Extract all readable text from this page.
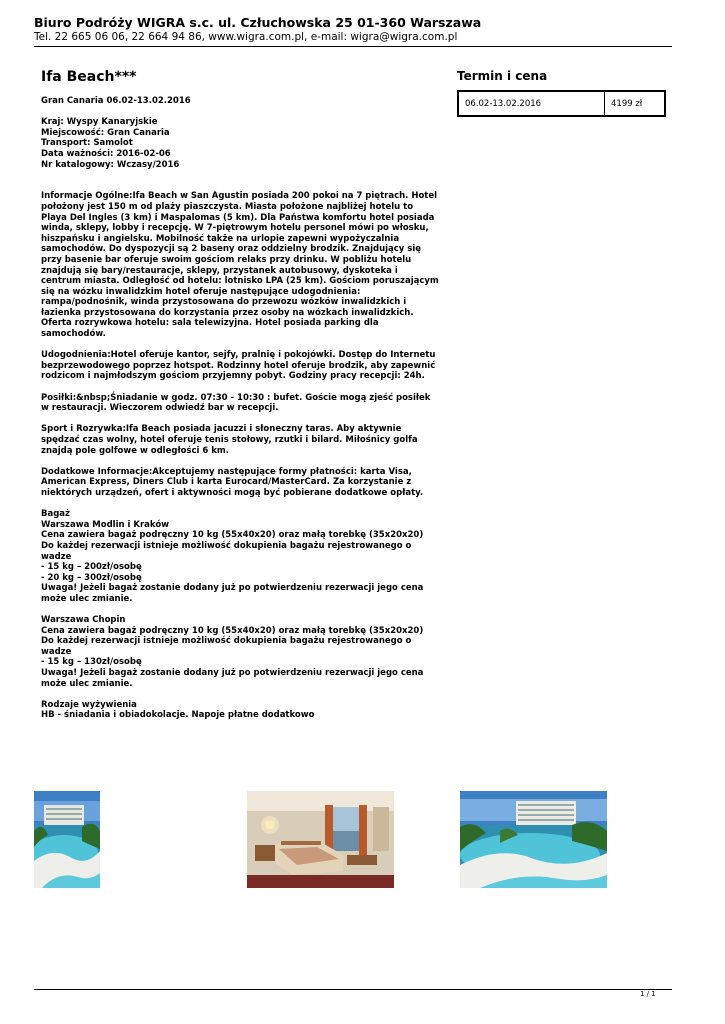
Biuro Podróży WIGRA s.c. ul. Człuchowska 25 01-360 Warszawa
Tel. 22 665 06 06, 22 664 94 86, www.wigra.com.pl, e-mail: wigra@wigra.com.pl
Ifa Beach***	Termin i cena
06.02-13.02.2016	4199 zł

Gran Canaria 06.02-13.02.2016

Kraj: Wyspy Kanaryjskie

Miejscowość: Gran Canaria

Transport: Samolot

Data ważności: 2016-02-06

Nr katalogowy: Wczasy/2016

Informacje Ogólne:Ifa Beach w San Agustin posiada 200 pokoi na 7 piętrach. Hotel

położony jest 150 m od plaży piaszczysta. Miasta położone najbliżej hotelu to

Playa Del Ingles (3 km) i Maspalomas (5 km). Dla Państwa komfortu hotel posiada

winda, sklepy, lobby i recepcję. W 7-piętrowym hotelu personel mówi po włosku,

hiszpańsku i angielsku. Mobilność także na urlopie zapewni wypożyczalnia

samochodów. Do dyspozycji są 2 baseny oraz oddzielny brodzik. Znajdujący się

przy basenie bar oferuje swoim gościom relaks przy drinku. W pobliżu hotelu

znajdują się bary/restauracje, sklepy, przystanek autobusowy, dyskoteka i

centrum miasta. Odległość od hotelu: lotnisko LPA (25 km). Gościom poruszającym

się na wózku inwalidzkim hotel oferuje następujące udogodnienia:

rampa/podnośnik, winda przystosowana do przewozu wózków inwalidzkich i

łazienka przystosowana do korzystania przez osoby na wózkach inwalidzkich.

Oferta rozrywkowa hotelu: sala telewizyjna. Hotel posiada parking dla

samochodów.

Udogodnienia:Hotel oferuje kantor, sejfy, pralnię i pokojówki. Dostęp do Internetu

bezprzewodowego poprzez hotspot. Rodzinny hotel oferuje brodzik, aby zapewnić

rodzicom i najmłodszym gościom przyjemny pobyt. Godziny pracy recepcji: 24h.

Posiłki:&nbsp;Śniadanie w godz. 07:30 - 10:30 : bufet. Goście mogą zjeść posiłek

w restauracji. Wieczorem odwiedź bar w recepcji.

Sport i Rozrywka:Ifa Beach posiada jacuzzi i słoneczny taras. Aby aktywnie

spędzać czas wolny, hotel oferuje tenis stołowy, rzutki i bilard. Miłośnicy golfa

znajdą pole golfowe w odległości 6 km.

Dodatkowe Informacje:Akceptujemy następujące formy płatności: karta Visa,

American Express, Diners Club i karta Eurocard/MasterCard. Za korzystanie z

niektórych urządzeń, ofert i aktywności mogą być pobierane dodatkowe opłaty.

Bagaż

Warszawa Modlin i Kraków

Cena zawiera bagaż podręczny 10 kg (55x40x20) oraz małą torebkę (35x20x20)

Do każdej rezerwacji istnieje możliwość dokupienia bagażu rejestrowanego o

wadze

- 15 kg – 200zł/osobę

- 20 kg – 300zł/osobę

Uwaga! Jeżeli bagaż zostanie dodany już po potwierdzeniu rezerwacji jego cena

może ulec zmianie.

Warszawa Chopin

Cena zawiera bagaż podręczny 10 kg (55x40x20) oraz małą torebkę (35x20x20)

Do każdej rezerwacji istnieje możliwość dokupienia bagażu rejestrowanego o

wadze

- 15 kg – 130zł/osobę

Uwaga! Jeżeli bagaż zostanie dodany już po potwierdzeniu rezerwacji jego cena

może ulec zmianie.

Rodzaje wyżywienia

HB - śniadania i obiadokolacje. Napoje płatne dodatkowo

1 / 1
